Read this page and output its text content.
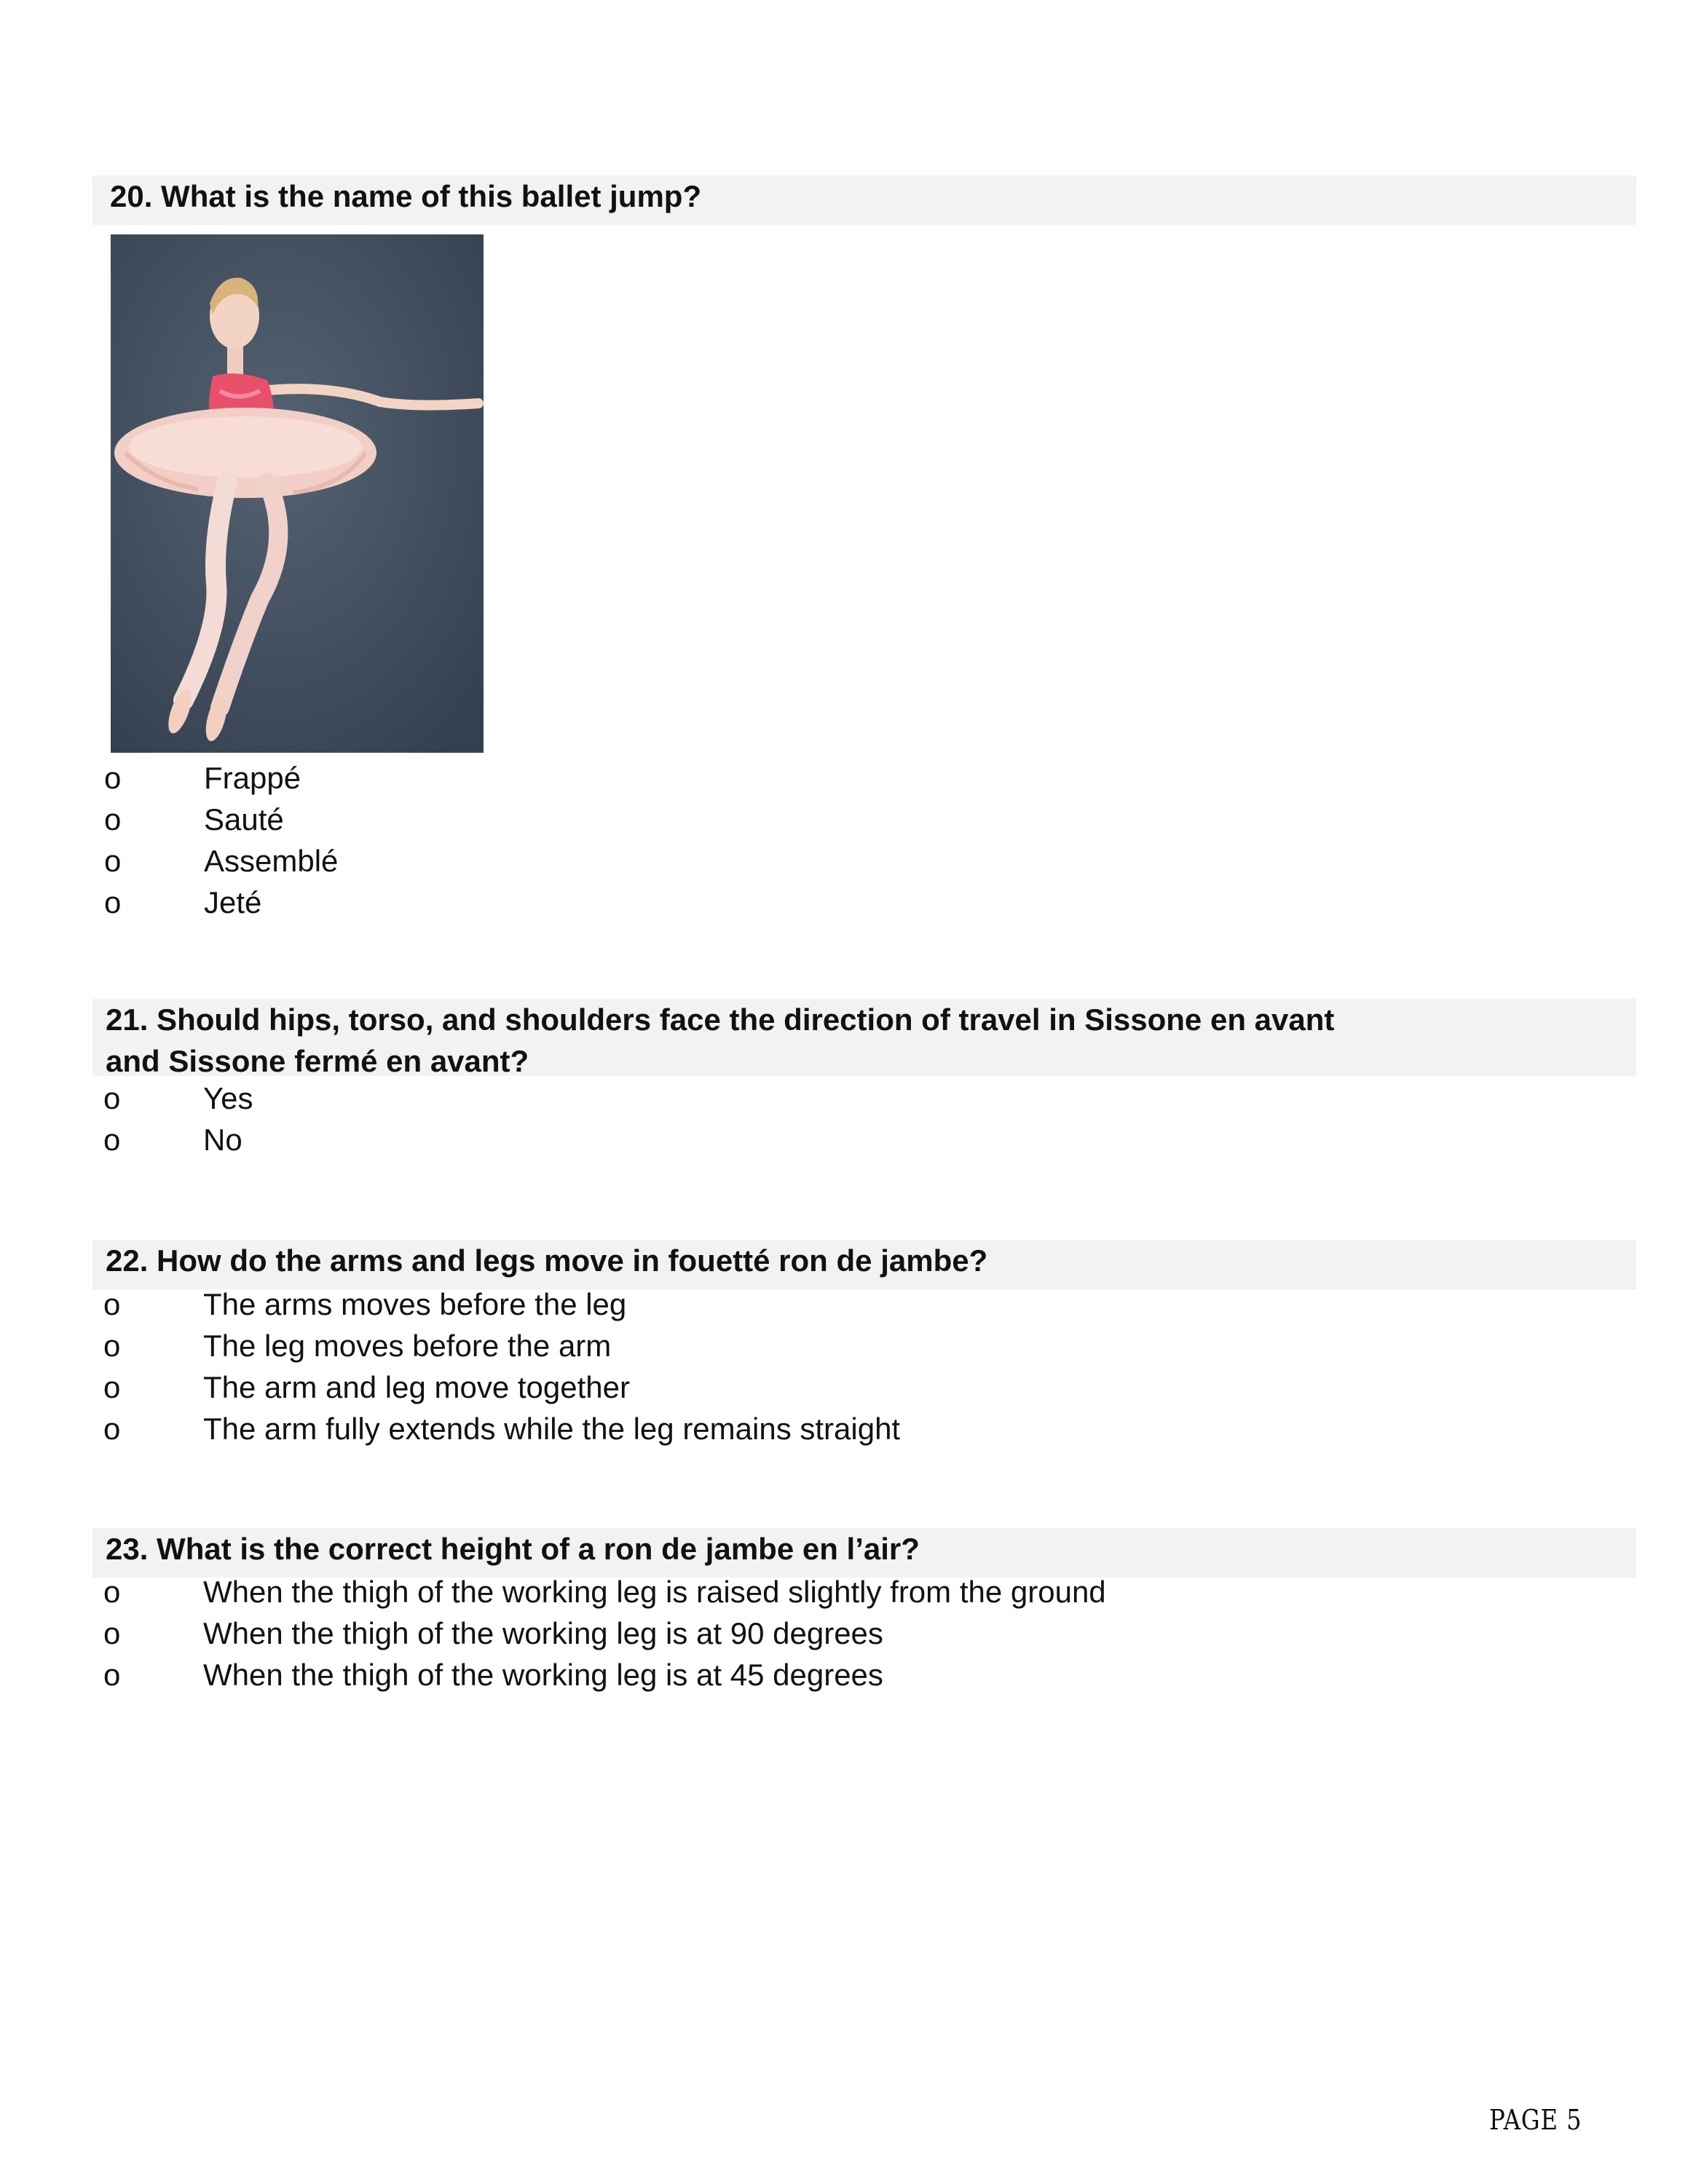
20. What is the name of this ballet jump?
o	Frappé
o	Sauté
o	Assemblé
o	Jeté
21. Should hips, torso, and shoulders face the direction of travel in Sissone en avant
and Sissone fermé en avant?
o	Yes
o	No
22. How do the arms and legs move in fouetté ron de jambe?
o	The arms moves before the leg
o	The leg moves before the arm
o	The arm and leg move together
o	The arm fully extends while the leg remains straight
23. What is the correct height of a ron de jambe en l’air?
o	When the thigh of the working leg is raised slightly from the ground
o	When the thigh of the working leg is at 90 degrees
o	When the thigh of the working leg is at 45 degrees
PAGE 5
